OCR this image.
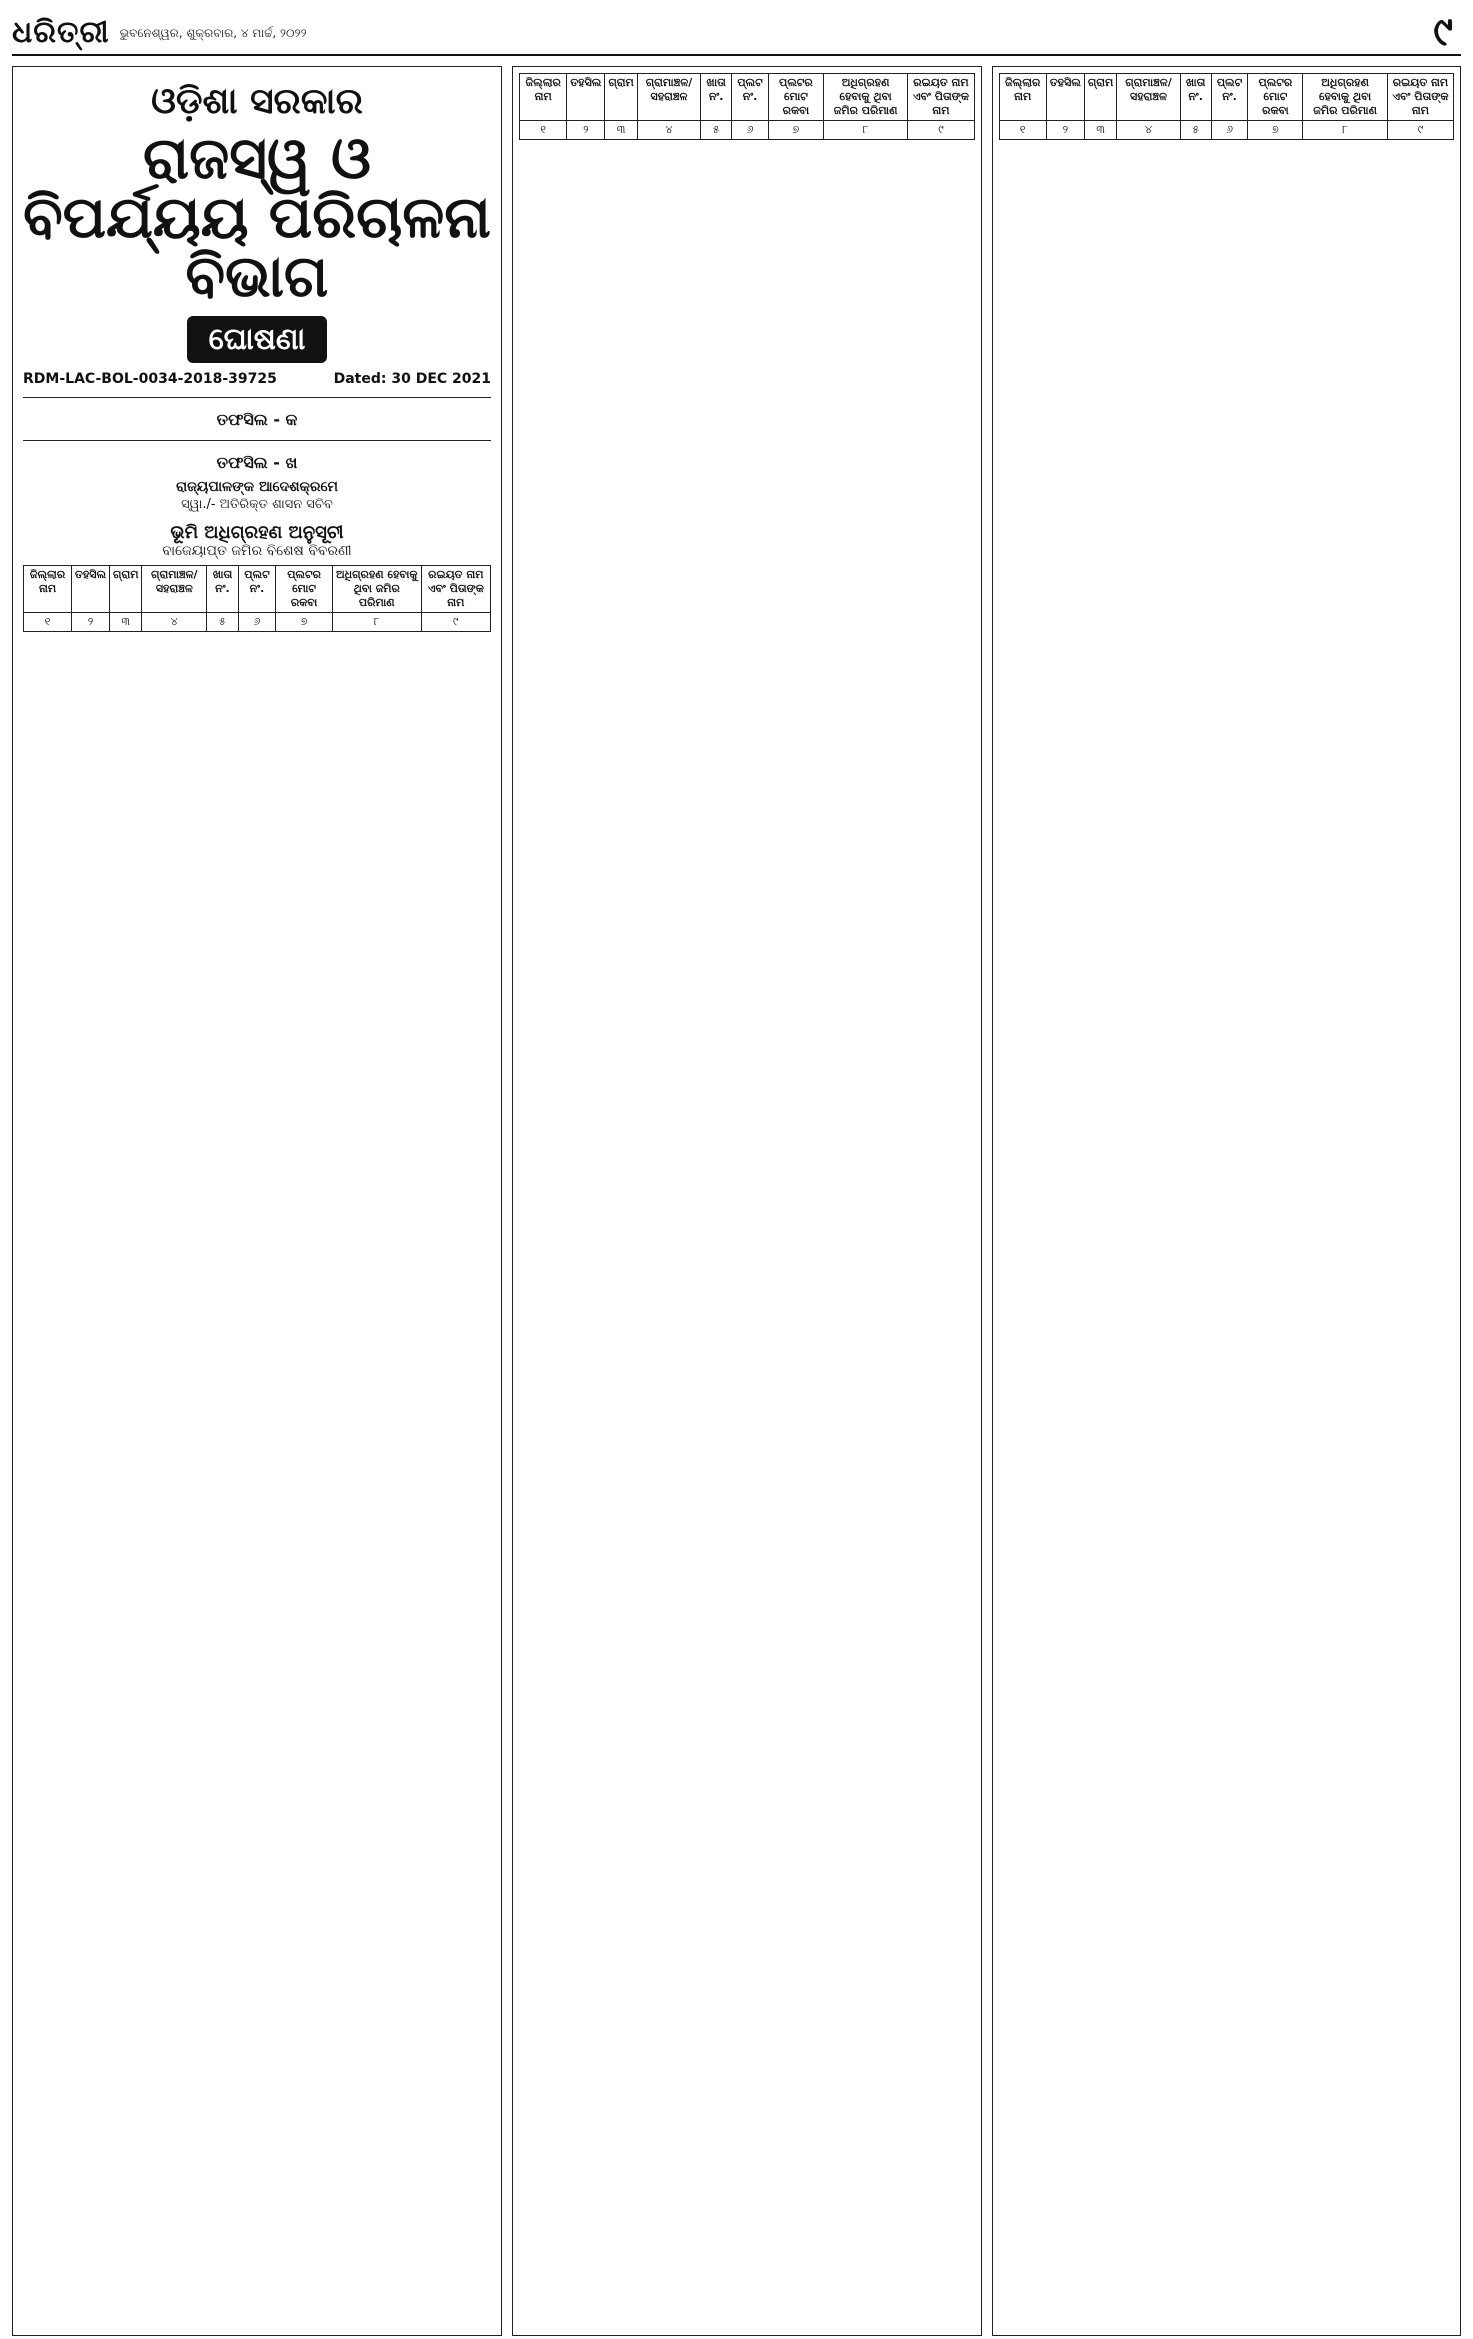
ଧରିତ୍ରୀ ଭୁବନେଶ୍ୱର, ଶୁକ୍ରବାର, ୪ ମାର୍ଚ୍ଚ, ୨୦୨୨	୯
ଓଡ଼ିଶା ସରକାର
ରାଜସ୍ୱ ଓ ବିପର୍ଯ୍ୟୟ ପରିଚାଳନା ବିଭାଗ
ଘୋଷଣା
RDM-LAC-BOL-0034-2018-39725	Dated: 30 DEC 2021
ତଫସିଲ - କ
ତଫସିଲ - ଖ
ରାଜ୍ୟପାଳଙ୍କ ଆଦେଶକ୍ରମେ
ସ୍ୱା./- ଅତିରିକ୍ତ ଶାସନ ସଚିବ
ଭୂମି ଅଧିଗ୍ରହଣ ଅନୁସୂଚୀ
ବାଜେୟାପ୍ତ ଜମିର ବିଶେଷ ବିବରଣୀ
ଜିଲ୍ଲାର ନାମ	ତହସିଲ	ଗ୍ରାମ	ଗ୍ରାମାଞ୍ଚଳ/ ସହରାଞ୍ଚଳ	ଖାତା ନଂ.	ପ୍ଲଟ ନଂ.	ପ୍ଲଟର ମୋଟ ରକବା	ଅଧିଗ୍ରହଣ ହେବାକୁ ଥିବା ଜମିର ପରିମାଣ	ରଇୟତ ନାମ ଏବଂ ପିତାଙ୍କ ନାମ
୧	୨	୩	୪	୫	୬	୭	୮	୯
ଜିଲ୍ଲାର ନାମ	ତହସିଲ	ଗ୍ରାମ	ଗ୍ରାମାଞ୍ଚଳ/ ସହରାଞ୍ଚଳ	ଖାତା ନଂ.	ପ୍ଲଟ ନଂ.	ପ୍ଲଟର ମୋଟ ରକବା	ଅଧିଗ୍ରହଣ ହେବାକୁ ଥିବା ଜମିର ପରିମାଣ	ରଇୟତ ନାମ ଏବଂ ପିତାଙ୍କ ନାମ
୧	୨	୩	୪	୫	୬	୭	୮	୯
ଜିଲ୍ଲାର ନାମ	ତହସିଲ	ଗ୍ରାମ	ଗ୍ରାମାଞ୍ଚଳ/ ସହରାଞ୍ଚଳ	ଖାତା ନଂ.	ପ୍ଲଟ ନଂ.	ପ୍ଲଟର ମୋଟ ରକବା	ଅଧିଗ୍ରହଣ ହେବାକୁ ଥିବା ଜମିର ପରିମାଣ	ରଇୟତ ନାମ ଏବଂ ପିତାଙ୍କ ନାମ
୧	୨	୩	୪	୫	୬	୭	୮	୯
